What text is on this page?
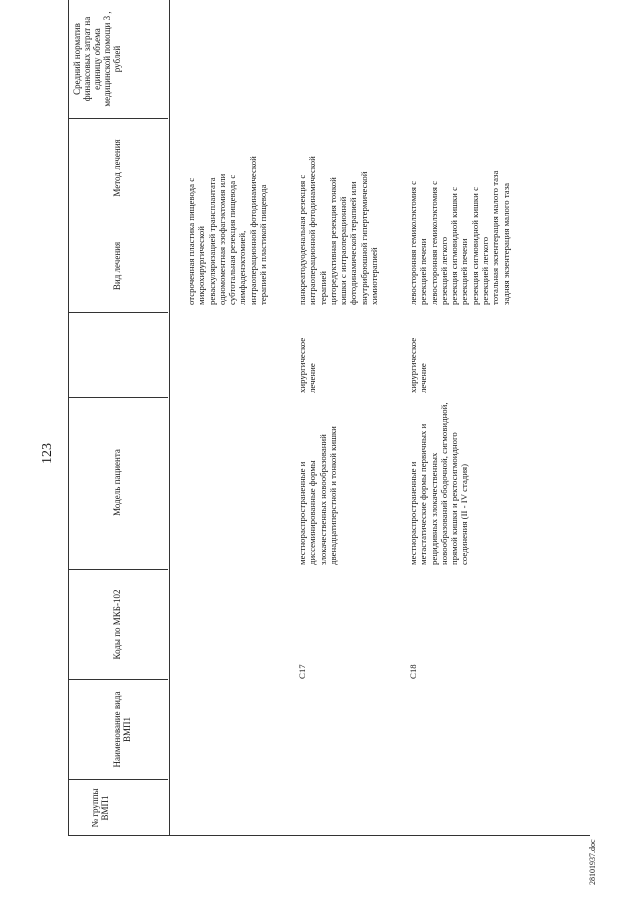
123
№ группы ВМП1
Наименование вида ВМП1
Коды по МКБ-102
Модель пациента
Вид лечения
Метод лечения
Средний норматив финансовых затрат на единицу объема медицинской помощи 3 , рублей
отсроченная пластика пищевода с микрохирургической реваскуляризацией трансплантата одномоментная эзофагэктомия или субтотальная резекция пищевода с лимфаденэктомией, интраоперационной фотодинамической терапией и пластикой пищевода
C17
местнораспространенные и диссеминированные формы злокачественных новообразований двенадцатиперстной и тонкой кишки
хирургическое лечение
панкреатодуоденальная резекция с интраоперационной фотодинамической терапией циторедуктивная резекция тонкой кишки с интраоперационной фотодинамической терапией или внутрибрюшной гипертермической химиотерапией
C18
местнораспространенные и метастатические формы первичных и рецидивных злокачественных новообразований ободочной, сигмовидной, прямой кишки и ректосигмоидного соединения (II - IV стадия)
хирургическое лечение
левосторонняя гемиколэктомия с резекцией печени левосторонняя гемиколэктомия с резекцией легкого резекция сигмовидной кишки с резекцией печени резекция сигмовидной кишки с резекцией легкого тотальная экзентерация малого таза задняя экзентерация малого таза
28101937.doc
